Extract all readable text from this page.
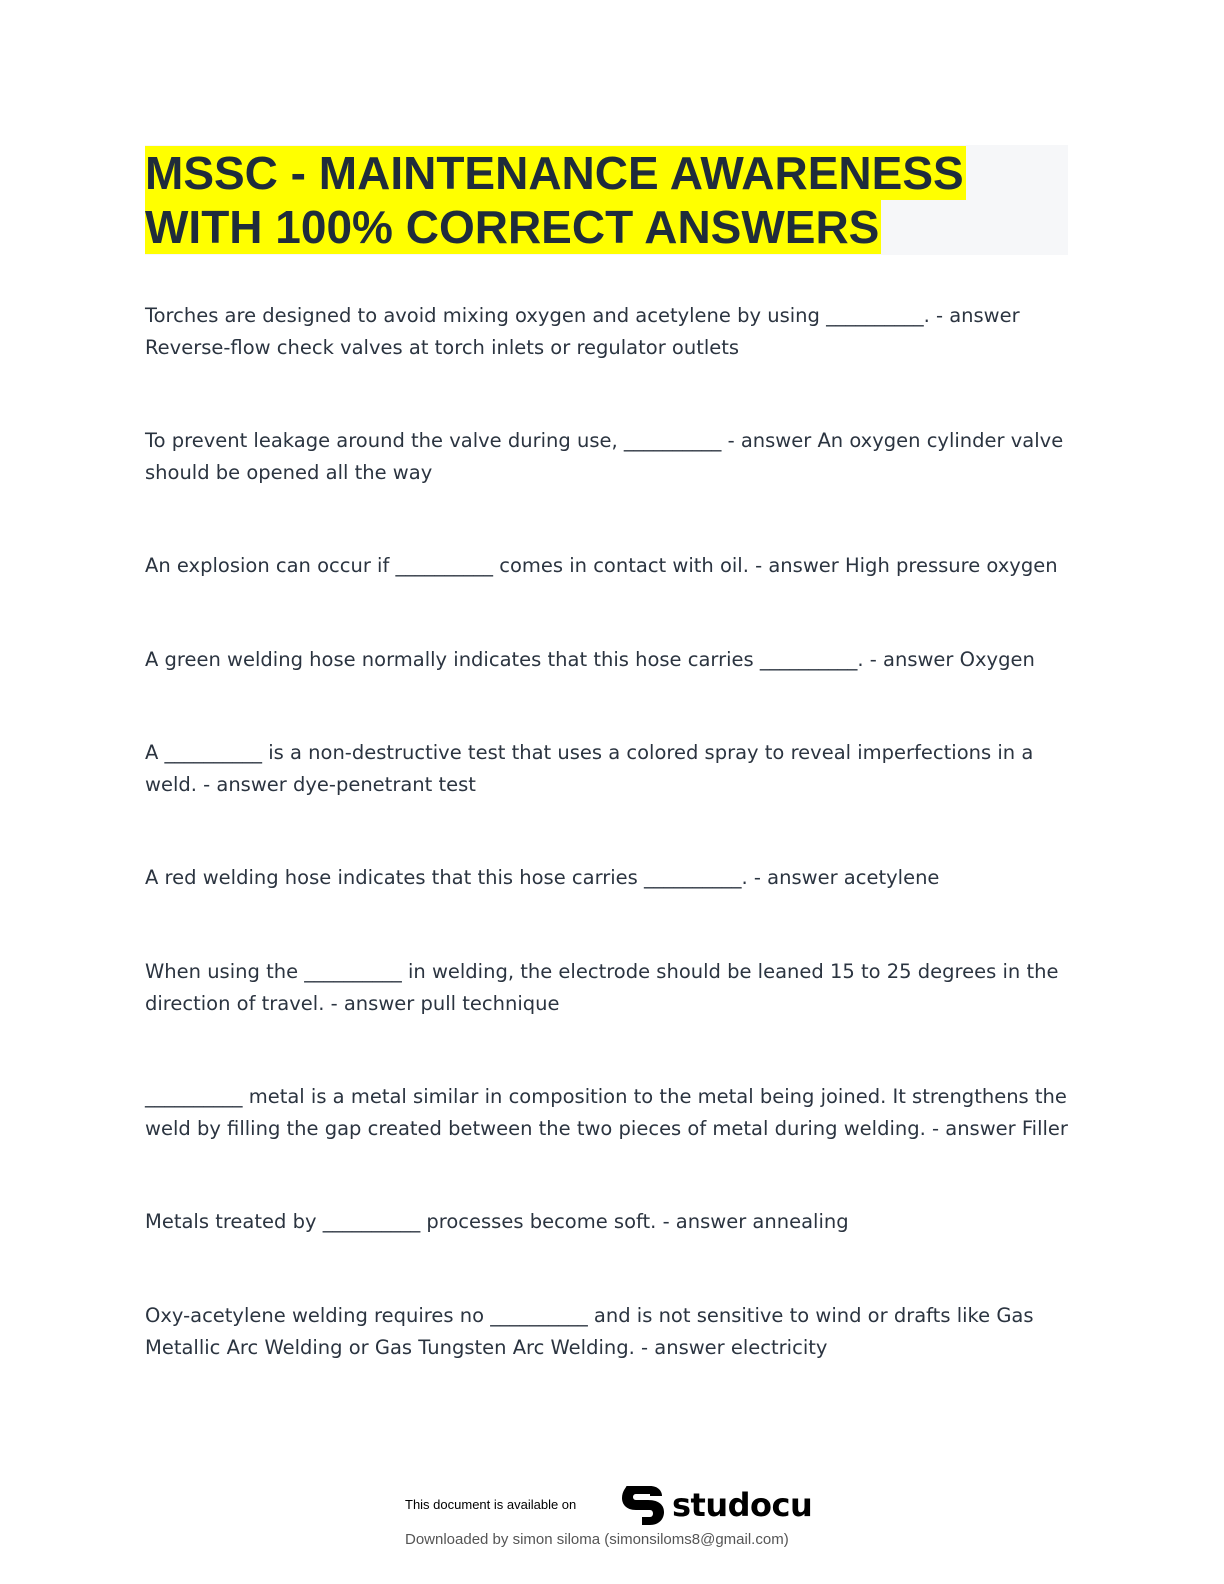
MSSC - MAINTENANCE AWARENESS
WITH 100% CORRECT ANSWERS

Torches are designed to avoid mixing oxygen and acetylene by using __________. - answer Reverse-flow check valves at torch inlets or regulator outlets

To prevent leakage around the valve during use, __________ - answer An oxygen cylinder valve should be opened all the way

An explosion can occur if __________ comes in contact with oil. - answer High pressure oxygen

A green welding hose normally indicates that this hose carries __________. - answer Oxygen

A __________ is a non-destructive test that uses a colored spray to reveal imperfections in a weld. - answer dye-penetrant test

A red welding hose indicates that this hose carries __________. - answer acetylene

When using the __________ in welding, the electrode should be leaned 15 to 25 degrees in the direction of travel. - answer pull technique

__________ metal is a metal similar in composition to the metal being joined. It strengthens the weld by filling the gap created between the two pieces of metal during welding. - answer Filler

Metals treated by __________ processes become soft. - answer annealing

Oxy-acetylene welding requires no __________ and is not sensitive to wind or drafts like Gas Metallic Arc Welding or Gas Tungsten Arc Welding. - answer electricity

This document is available on	studocu
Downloaded by simon siloma (simonsiloms8@gmail.com)
